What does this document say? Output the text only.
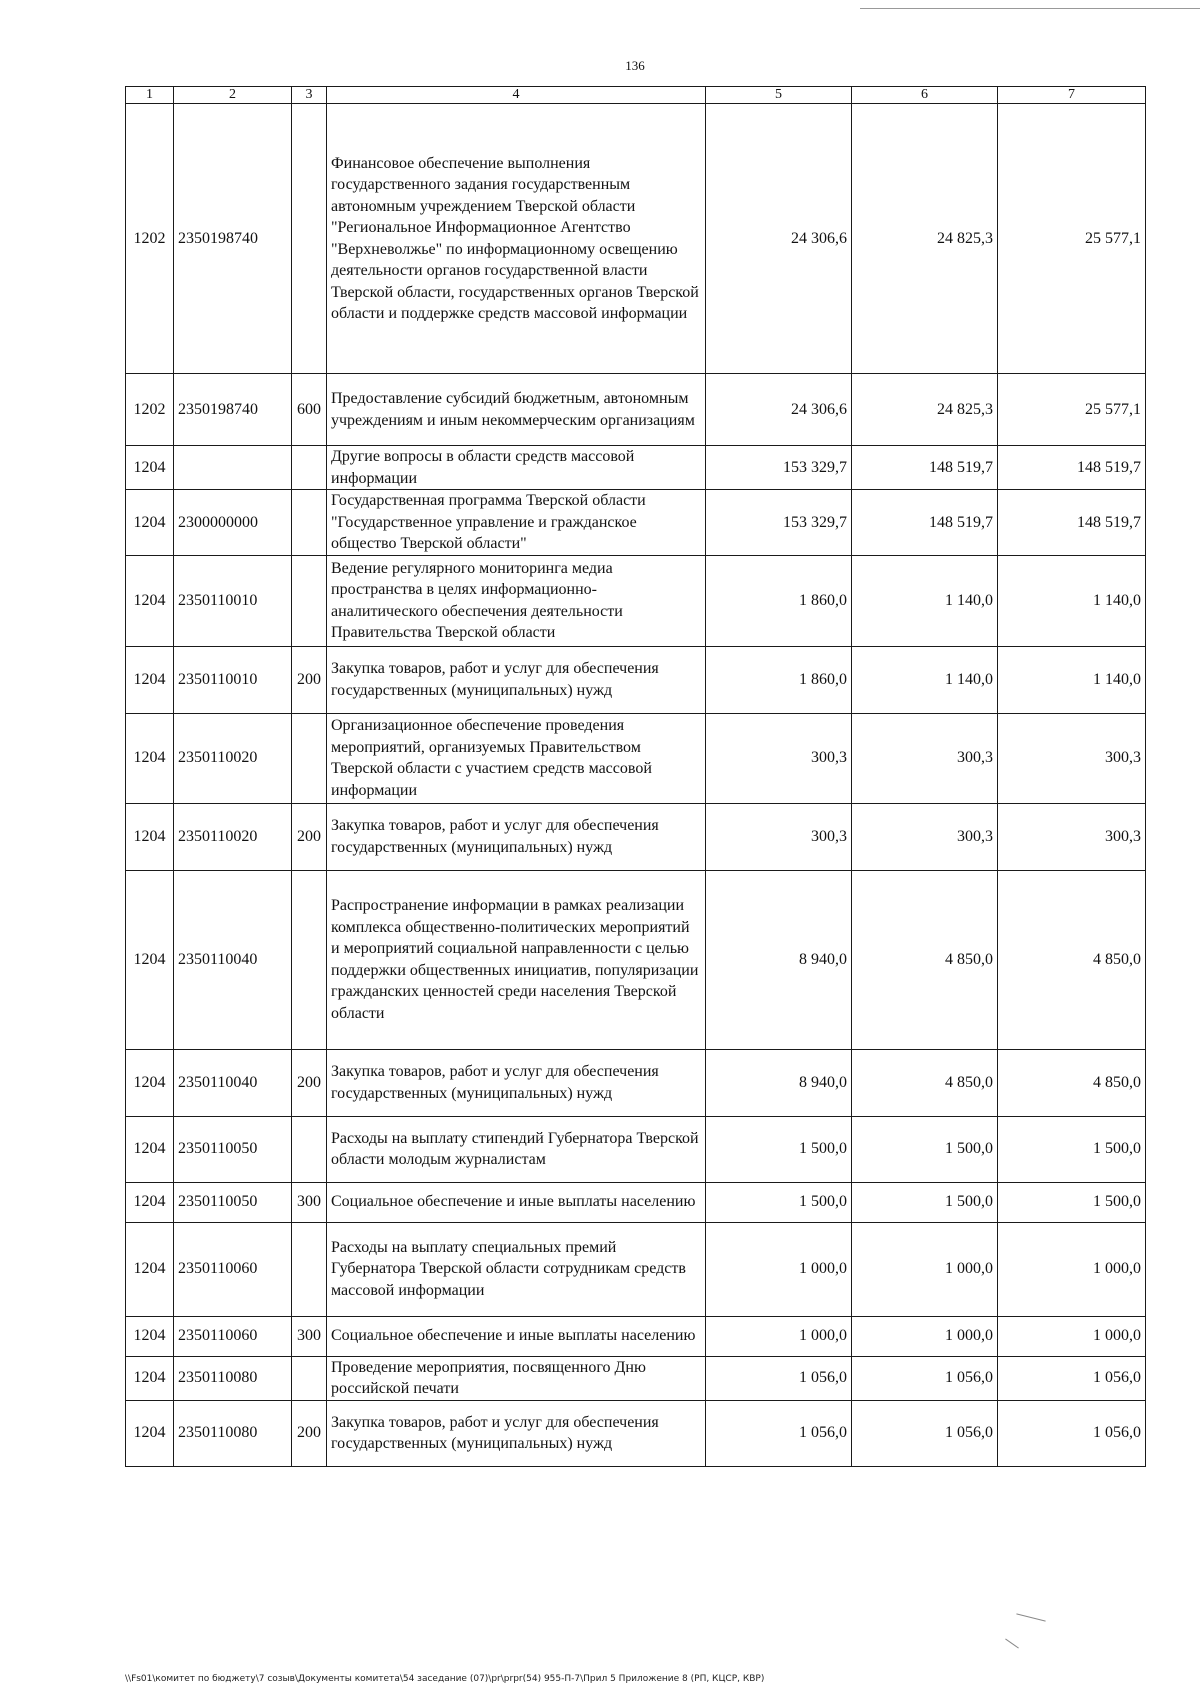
136
1	2	3	4	5	6	7
1202	2350198740		Финансовое обеспечение выполнения государственного задания государственным автономным учреждением Тверской области "Региональное Информационное Агентство "Верхневолжье" по информационному освещению деятельности органов государственной власти Тверской области, государственных органов Тверской области и поддержке средств массовой информации	24 306,6	24 825,3	25 577,1
1202	2350198740	600	Предоставление субсидий бюджетным, автономным учреждениям и иным некоммерческим организациям	24 306,6	24 825,3	25 577,1
1204			Другие вопросы в области средств массовой информации	153 329,7	148 519,7	148 519,7
1204	2300000000		Государственная программа Тверской области "Государственное управление и гражданское общество Тверской области"	153 329,7	148 519,7	148 519,7
1204	2350110010		Ведение регулярного мониторинга медиа пространства в целях информационно-аналитического обеспечения деятельности Правительства Тверской области	1 860,0	1 140,0	1 140,0
1204	2350110010	200	Закупка товаров, работ и услуг для обеспечения государственных (муниципальных) нужд	1 860,0	1 140,0	1 140,0
1204	2350110020		Организационное обеспечение проведения мероприятий, организуемых Правительством Тверской области с участием средств массовой информации	300,3	300,3	300,3
1204	2350110020	200	Закупка товаров, работ и услуг для обеспечения государственных (муниципальных) нужд	300,3	300,3	300,3
1204	2350110040		Распространение информации в рамках реализации комплекса общественно-политических мероприятий и мероприятий социальной направленности с целью поддержки общественных инициатив, популяризации гражданских ценностей среди населения Тверской области	8 940,0	4 850,0	4 850,0
1204	2350110040	200	Закупка товаров, работ и услуг для обеспечения государственных (муниципальных) нужд	8 940,0	4 850,0	4 850,0
1204	2350110050		Расходы на выплату стипендий Губернатора Тверской области молодым журналистам	1 500,0	1 500,0	1 500,0
1204	2350110050	300	Социальное обеспечение и иные выплаты населению	1 500,0	1 500,0	1 500,0
1204	2350110060		Расходы на выплату специальных премий Губернатора Тверской области сотрудникам средств массовой информации	1 000,0	1 000,0	1 000,0
1204	2350110060	300	Социальное обеспечение и иные выплаты населению	1 000,0	1 000,0	1 000,0
1204	2350110080		Проведение мероприятия, посвященного Дню российской печати	1 056,0	1 056,0	1 056,0
1204	2350110080	200	Закупка товаров, работ и услуг для обеспечения государственных (муниципальных) нужд	1 056,0	1 056,0	1 056,0
\\Fs01\комитет по бюджету\7 созыв\Документы комитета\54 заседание (07)\pr\prpr(54) 955-П-7\Прил 5 Приложение 8 (РП, КЦСР, КВР)
